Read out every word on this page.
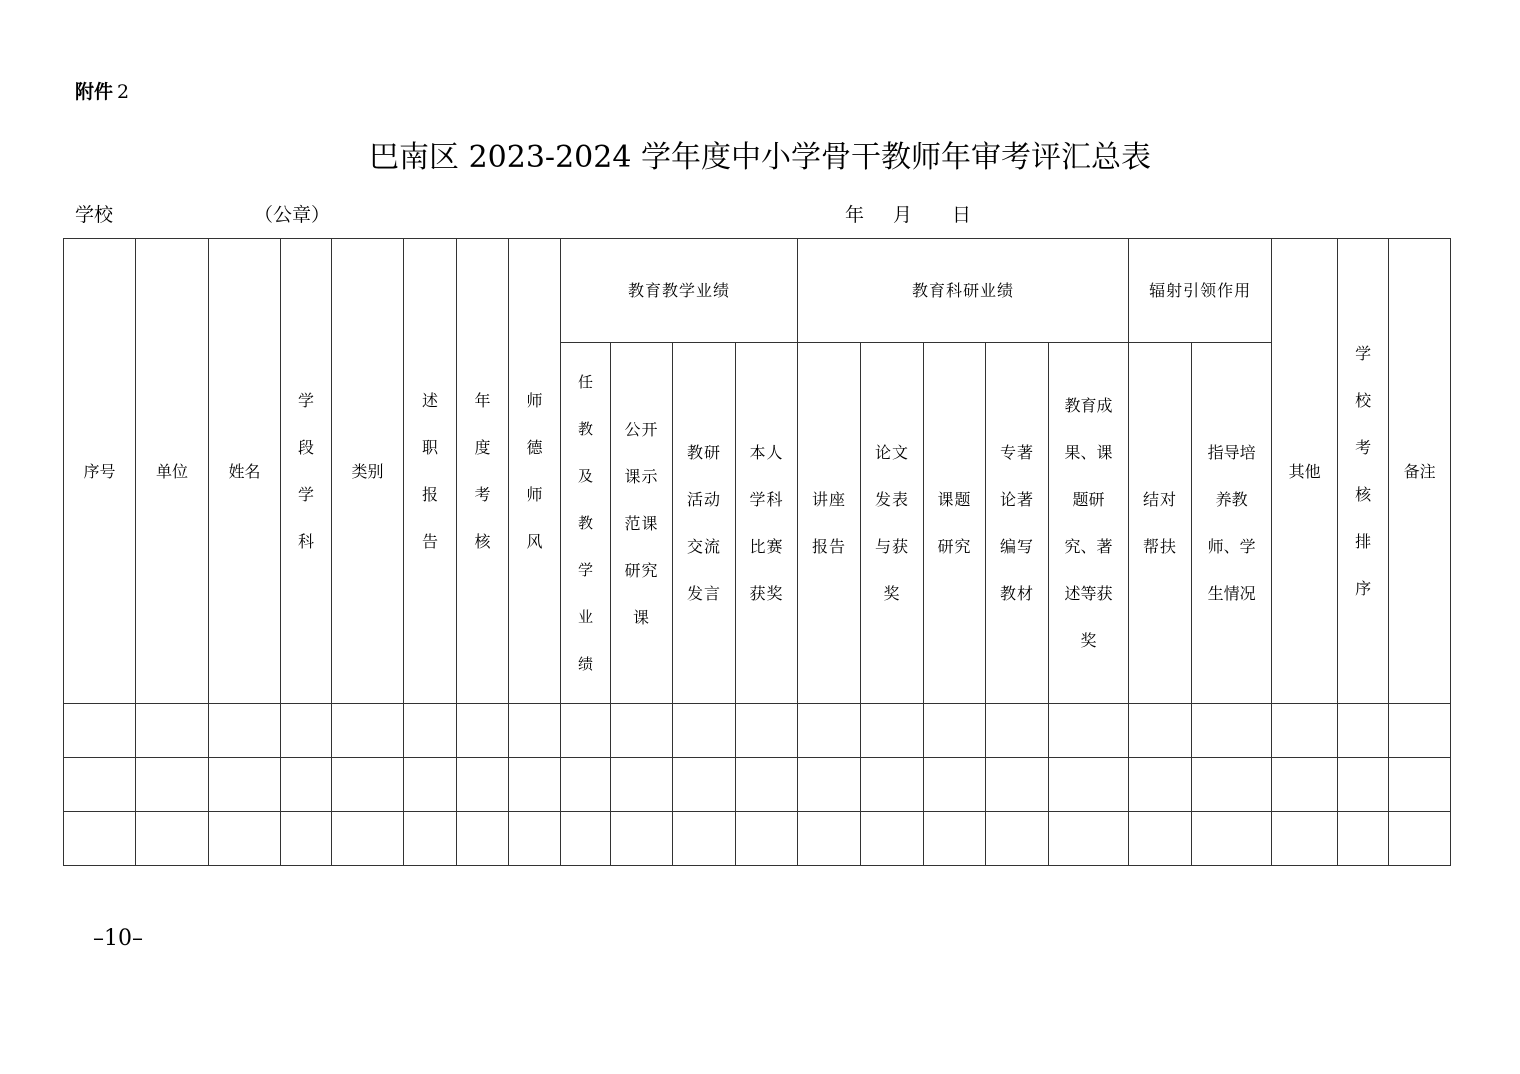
附件 2
巴南区 2023-2024 学年度中小学骨干教师年审考评汇总表
学校	（公章）	年 月 日
序号	单位	姓名	学段学科	类别	述职报告	年度考核	师德师风	教育教学业绩				教育科研业绩					辐射引领作用		其他	学校考核排序	备注
								任教及教学业绩	公开课示范课研究课	教研活动交流发言	本人学科比赛获奖	讲座报告	论文发表与获奖	课题研究	专著论著编写教材	教育成果、课题研究、著述等获奖	结对帮扶	指导培养教师、学生情况			

–10–
